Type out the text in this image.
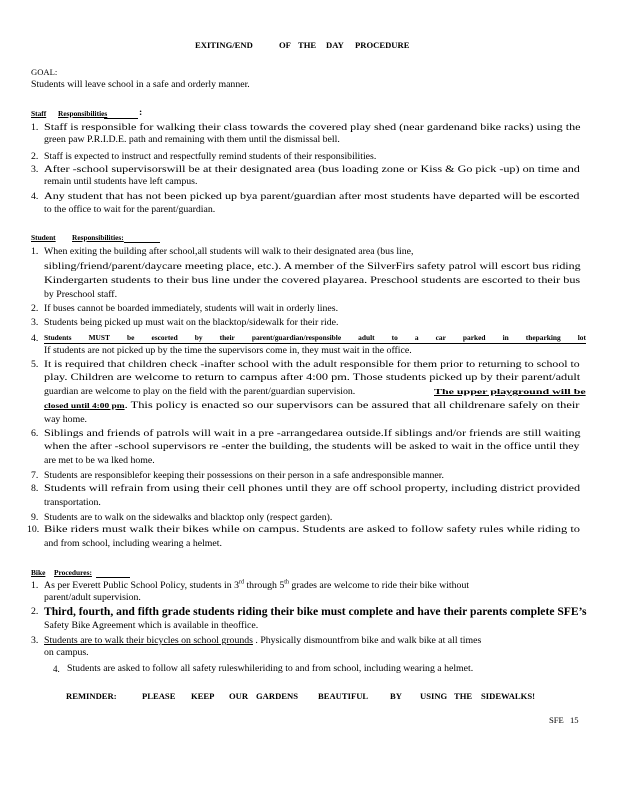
EXITING/END	OF THE DAY PROCEDURE
GOAL:
Students will leave school in a safe and orderly manner.
Staff Responsibilities	:
1. Staff is responsible for walking their class towards the covered play shed (near gardenand bike racks) using the
green paw P.R.I.D.E. path and remaining with them until the dismissal bell.
2. Staff is expected to instruct and respectfully remind students of their responsibilities.
3. After -school supervisorswill be at their designated area (bus loading zone or Kiss & Go pick -up) on time and
remain until students have left campus.
4. Any student that has not been picked up bya parent/guardian after most students have departed will be escorted
to the office to wait for the parent/guardian.
Student Responsibilities:
1. When exiting the building after school,all students will walk to their designated area (bus line,
sibling/friend/parent/daycare meeting place, etc.). A member of the SilverFirs safety patrol will escort bus riding
Kindergarten students to their bus line under the covered playarea. Preschool students are escorted to their bus
by Preschool staff.
2. If buses cannot be boarded immediately, students will wait in orderly lines.
3. Students being picked up must wait on the blacktop/sidewalk for their ride.
4. Students MUST be escorted by their parent/guardian/responsible adult to a car parked in theparking lot
If students are not picked up by the time the supervisors come in, they must wait in the office.
5. It is required that children check -inafter school with the adult responsible for them prior to returning to school to
play. Children are welcome to return to campus after 4:00 pm. Those students picked up by their parent/adult
guardian are welcome to play on the field with the parent/guardian supervision.	The upper playground will be
closed until 4:00 pm. This policy is enacted so our supervisors can be assured that all childrenare safely on their
way home.
6. Siblings and friends of patrols will wait in a pre -arrangedarea outside.If siblings and/or friends are still waiting
when the after -school supervisors re -enter the building, the students will be asked to wait in the office until they
are met to be wa lked home.
7. Students are responsiblefor keeping their possessions on their person in a safe andresponsible manner.
8. Students will refrain from using their cell phones until they are off school property, including district provided
transportation.
9. Students are to walk on the sidewalks and blacktop only (respect garden).
10. Bike riders must walk their bikes while on campus. Students are asked to follow safety rules while riding to
and from school, including wearing a helmet.
Bike Procedures:
1. As per Everett Public School Policy, students in 3rd through 5th grades are welcome to ride their bike without
parent/adult supervision.
2. Third, fourth, and fifth grade students riding their bike must complete and have their parents complete SFE’s
Safety Bike Agreement which is available in theoffice.
3. Students are to walk their bicycles on school grounds . Physically dismountfrom bike and walk bike at all times
on campus.
4. Students are asked to follow all safety ruleswhileriding to and from school, including wearing a helmet.
REMINDER:	PLEASE KEEP OUR GARDENS BEAUTIFUL	BY USING THE SIDEWALKS!
SFE 15
